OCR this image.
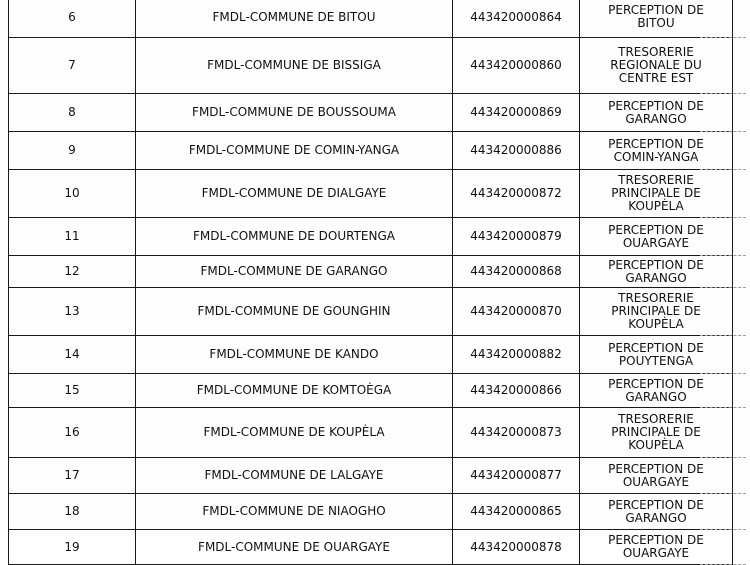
6	FMDL-COMMUNE DE BITOU	443420000864	PERCEPTION DE
BITOU

7	FMDL-COMMUNE DE BISSIGA	443420000860	TRESORERIE
REGIONALE DU
CENTRE EST

8	FMDL-COMMUNE DE BOUSSOUMA	443420000869	PERCEPTION DE
GARANGO

9	FMDL-COMMUNE DE COMIN-YANGA	443420000886	PERCEPTION DE
COMIN-YANGA

10	FMDL-COMMUNE DE DIALGAYE	443420000872	TRESORERIE
PRINCIPALE DE
KOUPÈLA

11	FMDL-COMMUNE DE DOURTENGA	443420000879	PERCEPTION DE
OUARGAYE

12	FMDL-COMMUNE DE GARANGO	443420000868	PERCEPTION DE
GARANGO

13	FMDL-COMMUNE DE GOUNGHIN	443420000870	TRESORERIE
PRINCIPALE DE
KOUPÈLA

14	FMDL-COMMUNE DE KANDO	443420000882	PERCEPTION DE
POUYTENGA

15	FMDL-COMMUNE DE KOMTOÈGA	443420000866	PERCEPTION DE
GARANGO

16	FMDL-COMMUNE DE KOUPÈLA	443420000873	TRESORERIE
PRINCIPALE DE
KOUPÈLA

17	FMDL-COMMUNE DE LALGAYE	443420000877	PERCEPTION DE
OUARGAYE

18	FMDL-COMMUNE DE NIAOGHO	443420000865	PERCEPTION DE
GARANGO

19	FMDL-COMMUNE DE OUARGAYE	443420000878	PERCEPTION DE
OUARGAYE
